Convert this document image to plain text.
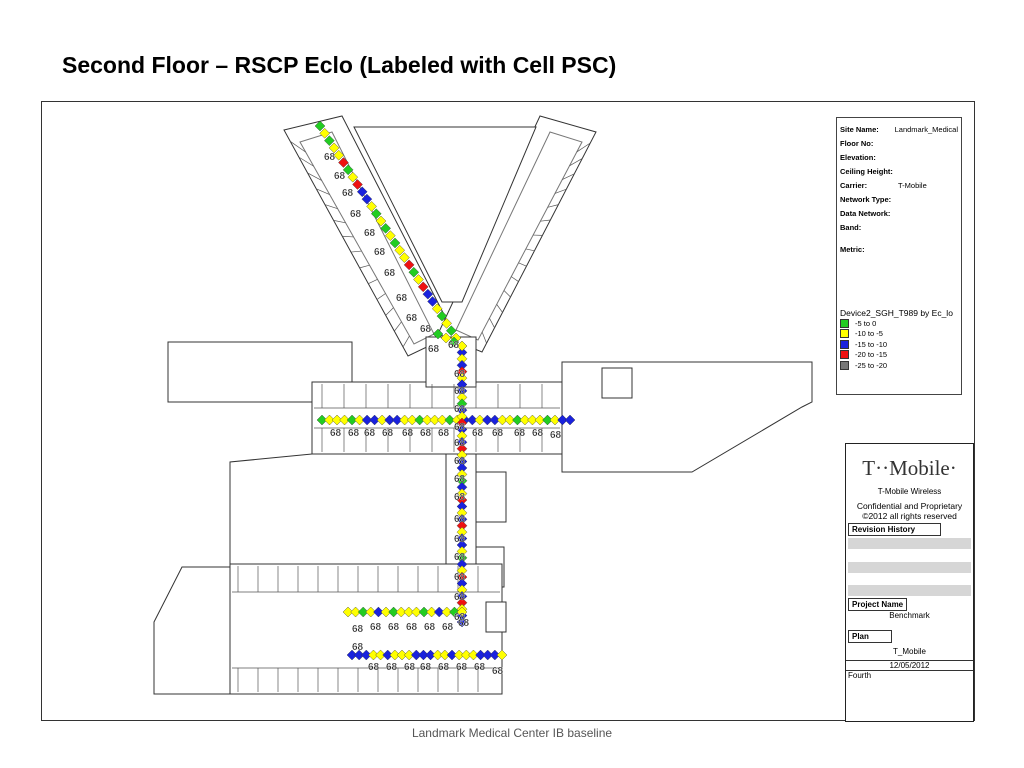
Second Floor – RSCP Eclo (Labeled with Cell PSC)
68
68
68
68
68
68
68
68
68
68
68 68
68
68
68
68
68
68 68 68 68 68 68 68 68 68 68 68 68
68
68
68
68
68
68
68
68
68
68 68 68 68 68 68 68
68
68 68 68 68 68 68 68 68
Site Name:	Landmark_Medical
Floor No:
Elevation:
Ceiling Height:
Carrier:	T-Mobile
Network Type:
Data Network:
Band:
Metric:
Device2_SGH_T989 by Ec_lo
-5 to 0
-10 to -5
-15 to -10
-20 to -15
-25 to -20
T··Mobile·
T-Mobile Wireless
Confidential and Proprietary
©2012 all rights reserved
Revision History
Project Name
Benchmark
Plan
T_Mobile
12/05/2012
Fourth
Landmark Medical Center IB baseline
